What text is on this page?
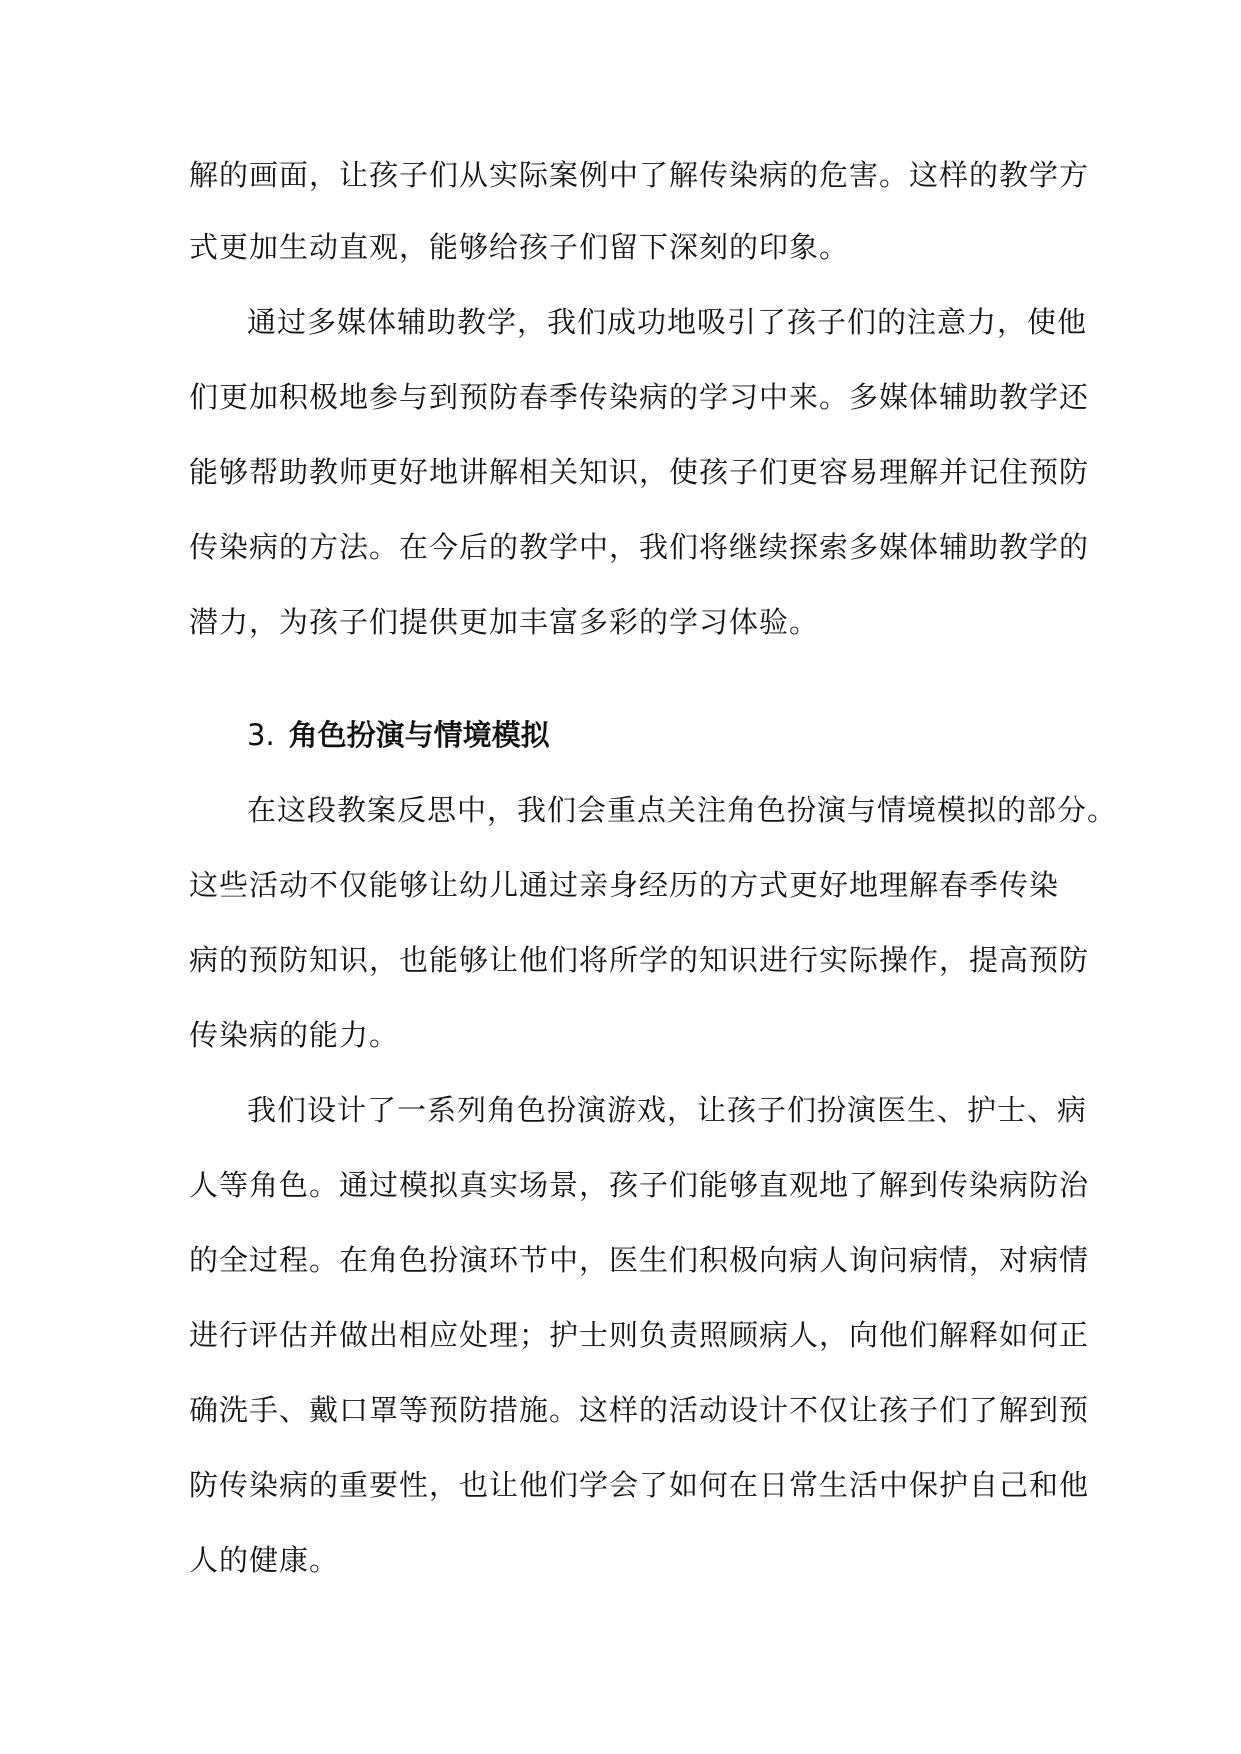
解的画面，让孩子们从实际案例中了解传染病的危害。这样的教学方
式更加生动直观，能够给孩子们留下深刻的印象。
通过多媒体辅助教学，我们成功地吸引了孩子们的注意力，使他
们更加积极地参与到预防春季传染病的学习中来。多媒体辅助教学还
能够帮助教师更好地讲解相关知识，使孩子们更容易理解并记住预防
传染病的方法。在今后的教学中，我们将继续探索多媒体辅助教学的
潜力，为孩子们提供更加丰富多彩的学习体验。
3. 角色扮演与情境模拟
在这段教案反思中，我们会重点关注角色扮演与情境模拟的部分。
这些活动不仅能够让幼儿通过亲身经历的方式更好地理解春季传染
病的预防知识，也能够让他们将所学的知识进行实际操作，提高预防
传染病的能力。
我们设计了一系列角色扮演游戏，让孩子们扮演医生、护士、病
人等角色。通过模拟真实场景，孩子们能够直观地了解到传染病防治
的全过程。在角色扮演环节中，医生们积极向病人询问病情，对病情
进行评估并做出相应处理；护士则负责照顾病人，向他们解释如何正
确洗手、戴口罩等预防措施。这样的活动设计不仅让孩子们了解到预
防传染病的重要性，也让他们学会了如何在日常生活中保护自己和他
人的健康。
